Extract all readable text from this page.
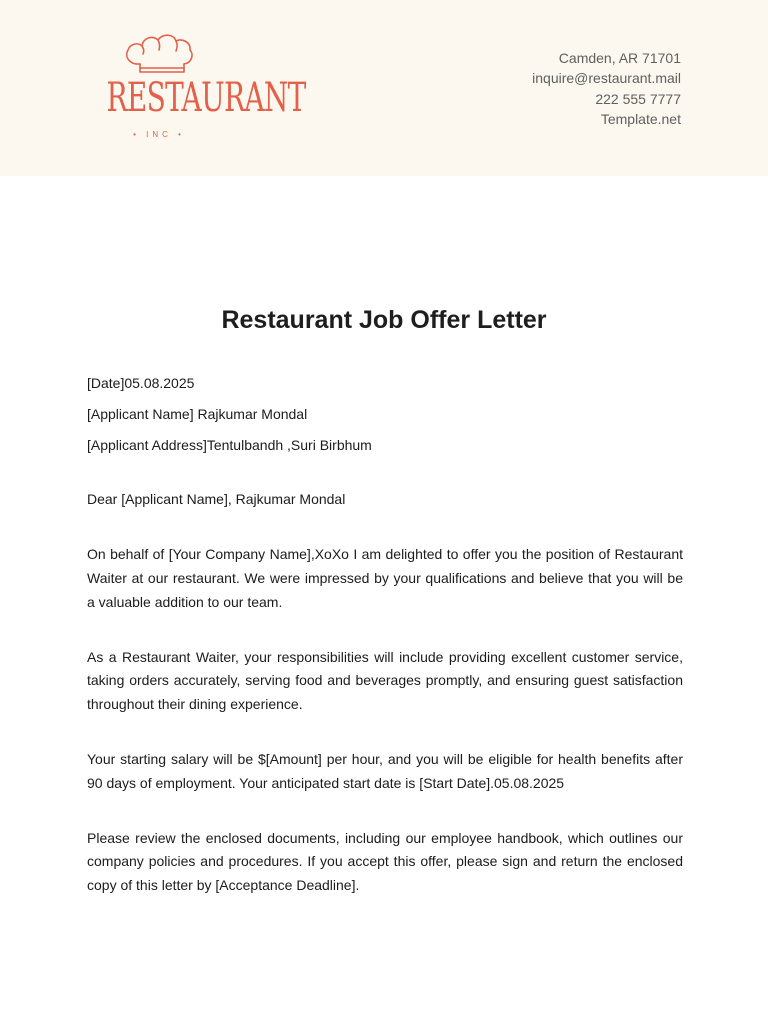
RESTAURANT
• INC •
Camden, AR 71701
inquire@restaurant.mail
222 555 7777
Template.net
Restaurant Job Offer Letter
[Date]05.08.2025
[Applicant Name] Rajkumar Mondal
[Applicant Address]Tentulbandh ,Suri Birbhum
Dear [Applicant Name], Rajkumar Mondal

On behalf of [Your Company Name],XoXo I am delighted to offer you the position of Restaurant Waiter at our restaurant. We were impressed by your qualifications and believe that you will be a valuable addition to our team.

As a Restaurant Waiter, your responsibilities will include providing excellent customer service, taking orders accurately, serving food and beverages promptly, and ensuring guest satisfaction throughout their dining experience.

Your starting salary will be $[Amount] per hour, and you will be eligible for health benefits after 90 days of employment. Your anticipated start date is [Start Date].05.08.2025

Please review the enclosed documents, including our employee handbook, which outlines our company policies and procedures. If you accept this offer, please sign and return the enclosed copy of this letter by [Acceptance Deadline].
